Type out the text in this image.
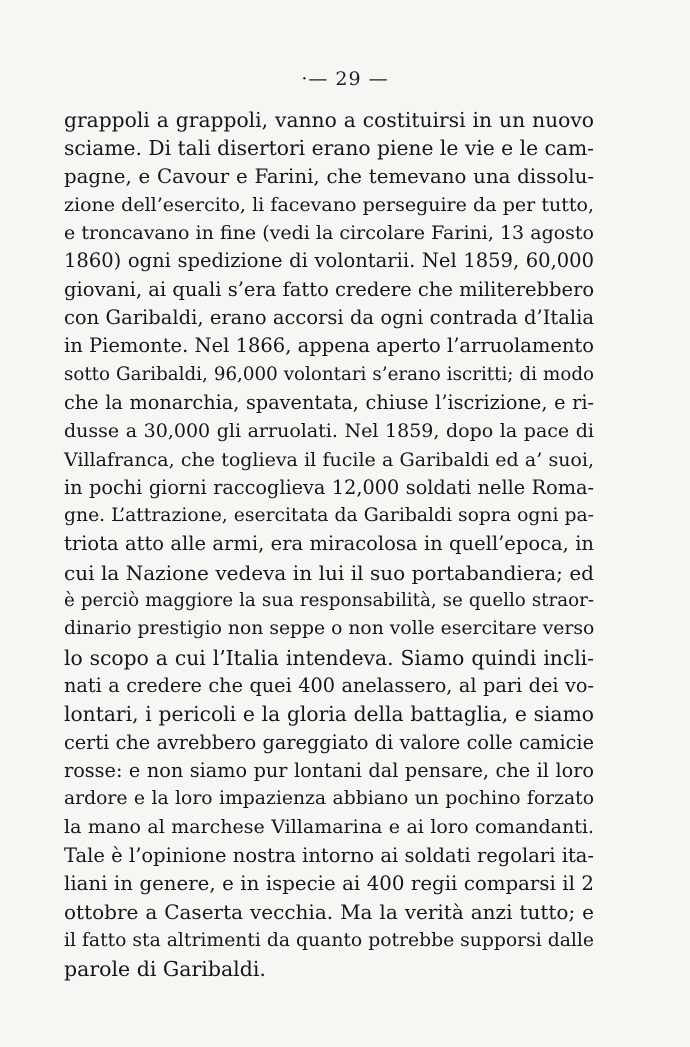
·— 29 —
grappoli a grappoli, vanno a costituirsi in un nuovo
sciame. Di tali disertori erano piene le vie e le cam-
pagne, e Cavour e Farini, che temevano una dissolu-
zione dell’esercito, li facevano perseguire da per tutto,
e troncavano in fine (vedi la circolare Farini, 13 agosto
1860) ogni spedizione di volontarii. Nel 1859, 60,000
giovani, ai quali s’era fatto credere che militerebbero
con Garibaldi, erano accorsi da ogni contrada d’Italia
in Piemonte. Nel 1866, appena aperto l’arruolamento
sotto Garibaldi, 96,000 volontari s’erano iscritti; di modo
che la monarchia, spaventata, chiuse l’iscrizione, e ri-
dusse a 30,000 gli arruolati. Nel 1859, dopo la pace di
Villafranca, che toglieva il fucile a Garibaldi ed a’ suoi,
in pochi giorni raccoglieva 12,000 soldati nelle Roma-
gne. L’attrazione, esercitata da Garibaldi sopra ogni pa-
triota atto alle armi, era miracolosa in quell’epoca, in
cui la Nazione vedeva in lui il suo portabandiera; ed
è perciò maggiore la sua responsabilità, se quello straor-
dinario prestigio non seppe o non volle esercitare verso
lo scopo a cui l’Italia intendeva. Siamo quindi incli-
nati a credere che quei 400 anelassero, al pari dei vo-
lontari, i pericoli e la gloria della battaglia, e siamo
certi che avrebbero gareggiato di valore colle camicie
rosse: e non siamo pur lontani dal pensare, che il loro
ardore e la loro impazienza abbiano un pochino forzato
la mano al marchese Villamarina e ai loro comandanti.
Tale è l’opinione nostra intorno ai soldati regolari ita-
liani in genere, e in ispecie ai 400 regii comparsi il 2
ottobre a Caserta vecchia. Ma la verità anzi tutto; e
il fatto sta altrimenti da quanto potrebbe supporsi dalle
parole di Garibaldi.
